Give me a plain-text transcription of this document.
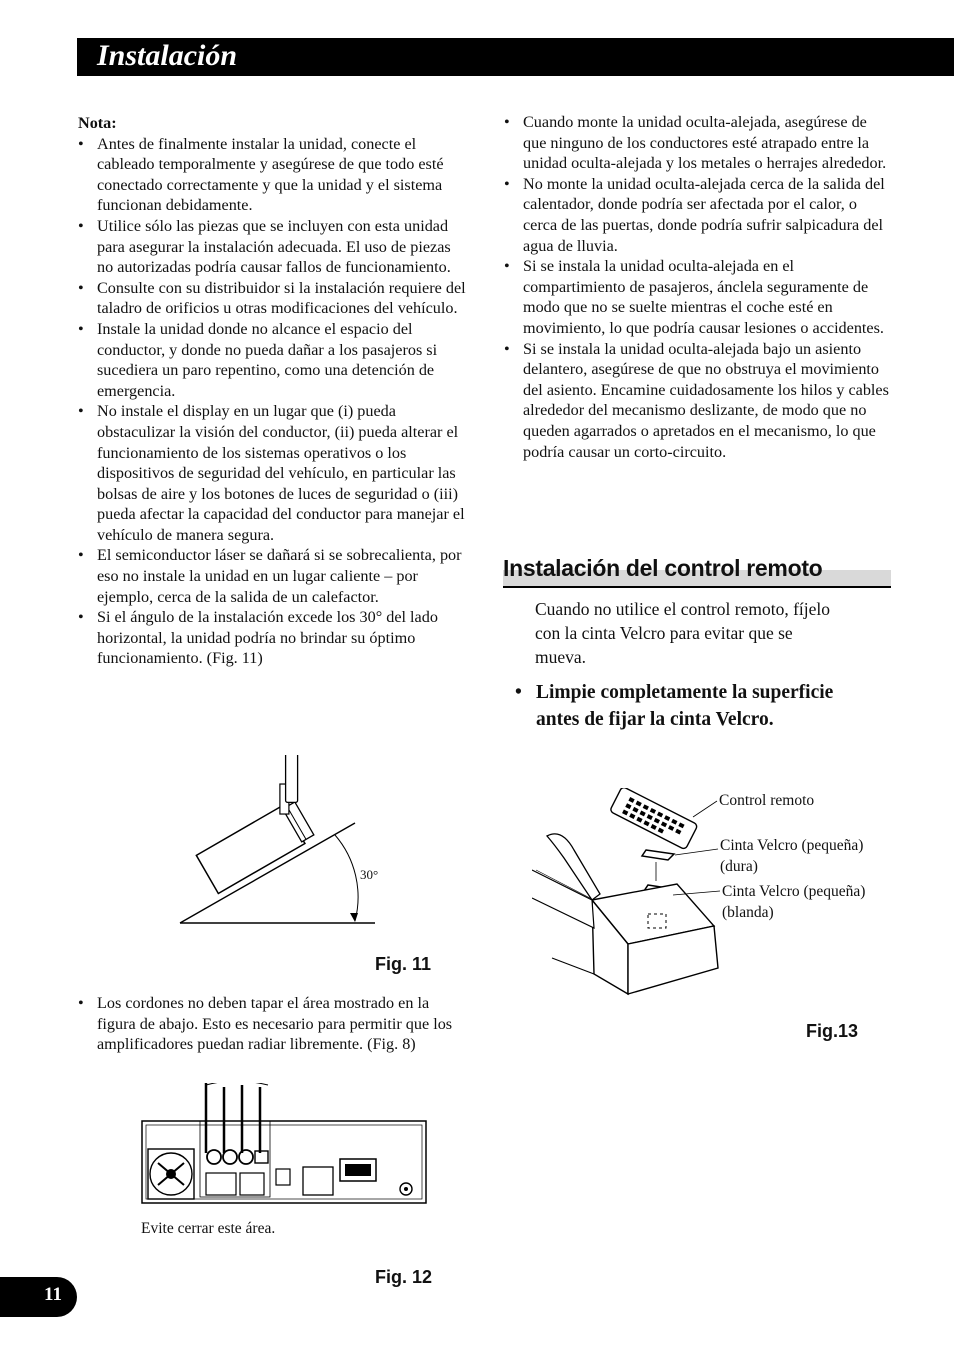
Instalación
Nota:
• Antes de finalmente instalar la unidad, conecte el cableado temporalmente y asegúrese de que todo esté conectado correctamente y que la unidad y el sistema funcionan debidamente.
• Utilice sólo las piezas que se incluyen con esta unidad para asegurar la instalación adecuada. El uso de piezas no autorizadas podría causar fallos de funcionamiento.
• Consulte con su distribuidor si la instalación requiere del taladro de orificios u otras modificaciones del vehículo.
• Instale la unidad donde no alcance el espacio del conductor, y donde no pueda dañar a los pasajeros si sucediera un paro repentino, como una detención de emergencia.
• No instale el display en un lugar que (i) pueda obstaculizar la visión del conductor, (ii) pueda alterar el funcionamiento de los sistemas operativos o los dispositivos de seguridad del vehículo, en particular las bolsas de aire y los botones de luces de seguridad o (iii) pueda afectar la capacidad del conductor para manejar el vehículo de manera segura.
• El semiconductor láser se dañará si se sobrecalienta, por eso no instale la unidad en un lugar caliente – por ejemplo, cerca de la salida de un calefactor.
• Si el ángulo de la instalación excede los 30° del lado horizontal, la unidad podría no brindar su óptimo funcionamiento. (Fig. 11)
30°
Fig. 11
• Los cordones no deben tapar el área mostrado en la figura de abajo. Esto es necesario para permitir que los amplificadores puedan radiar libremente. (Fig. 8)
Evite cerrar este área.
Fig. 12
• Cuando monte la unidad oculta-alejada, asegúrese de que ninguno de los conductores esté atrapado entre la unidad oculta-alejada y los metales o herrajes alrededor.
• No monte la unidad oculta-alejada cerca de la salida del calentador, donde podría ser afectada por el calor, o cerca de las puertas, donde podría sufrir salpicadura del agua de lluvia.
• Si se instala la unidad oculta-alejada en el compartimiento de pasajeros, ánclela seguramente de modo que no se suelte mientras el coche esté en movimiento, lo que podría causar lesiones o accidentes.
• Si se instala la unidad oculta-alejada bajo un asiento delantero, asegúrese de que no obstruya el movimiento del asiento. Encamine cuidadosamente los hilos y cables alrededor del mecanismo deslizante, de modo que no queden agarrados o apretados en el mecanismo, lo que podría causar un corto-circuito.
Instalación del control remoto
Cuando no utilice el control remoto, fíjelo con la cinta Velcro para evitar que se mueva.
• Limpie completamente la superficie antes de fijar la cinta Velcro.
Control remoto
Cinta Velcro (pequeña)
(dura)
Cinta Velcro (pequeña)
(blanda)
Fig.13
11
